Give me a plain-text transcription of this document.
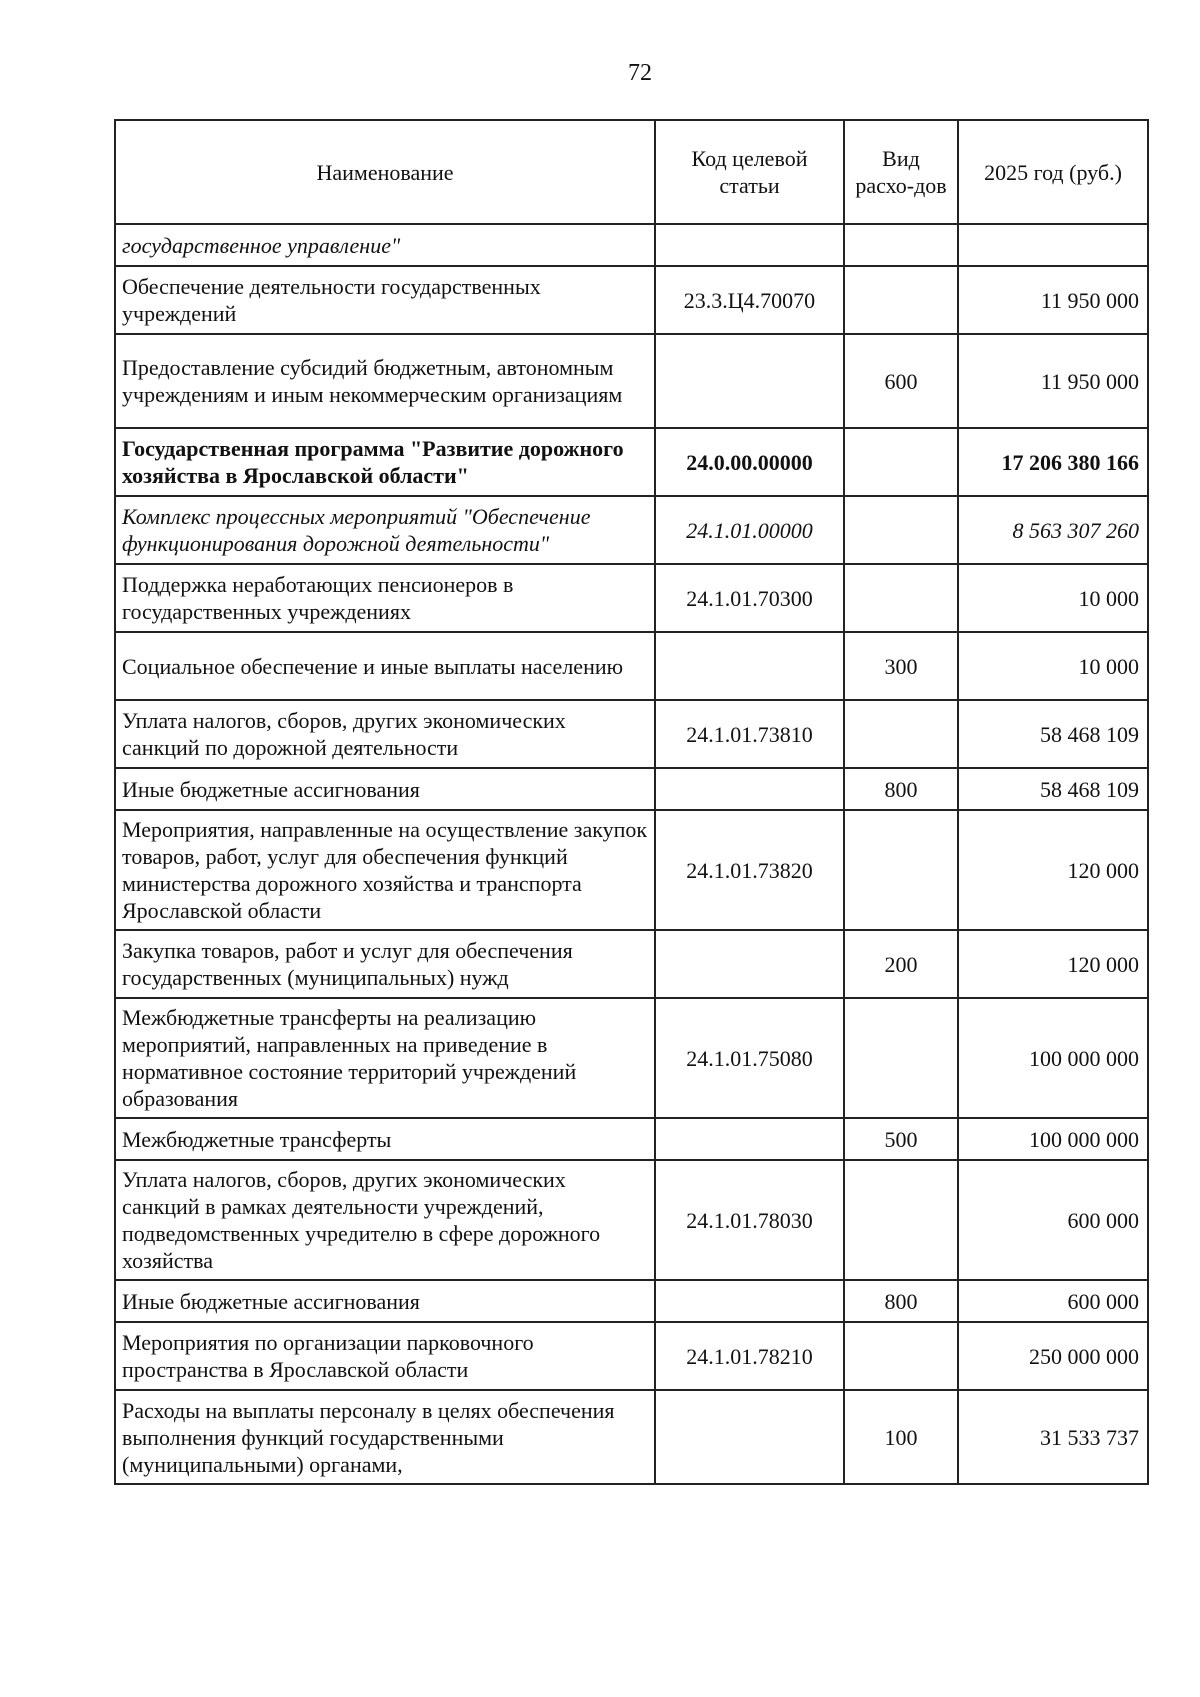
72
Наименование	Код целевой статьи	Вид расхо-дов	2025 год (руб.)
государственное управление"			
Обеспечение деятельности государственных учреждений	23.3.Ц4.70070		11 950 000
Предоставление субсидий бюджетным, автономным учреждениям и иным некоммерческим организациям		600	11 950 000
Государственная программа "Развитие дорожного хозяйства в Ярославской области"	24.0.00.00000		17 206 380 166
Комплекс процессных мероприятий "Обеспечение функционирования дорожной деятельности"	24.1.01.00000		8 563 307 260
Поддержка неработающих пенсионеров в государственных учреждениях	24.1.01.70300		10 000
Социальное обеспечение и иные выплаты населению		300	10 000
Уплата налогов, сборов, других экономических санкций по дорожной деятельности	24.1.01.73810		58 468 109
Иные бюджетные ассигнования		800	58 468 109
Мероприятия, направленные на осуществление закупок товаров, работ, услуг для обеспечения функций министерства дорожного хозяйства и транспорта Ярославской области	24.1.01.73820		120 000
Закупка товаров, работ и услуг для обеспечения государственных (муниципальных) нужд		200	120 000
Межбюджетные трансферты на реализацию мероприятий, направленных на приведение в нормативное состояние территорий учреждений образования	24.1.01.75080		100 000 000
Межбюджетные трансферты		500	100 000 000
Уплата налогов, сборов, других экономических санкций в рамках деятельности учреждений, подведомственных учредителю в сфере дорожного хозяйства	24.1.01.78030		600 000
Иные бюджетные ассигнования		800	600 000
Мероприятия по организации парковочного пространства в Ярославской области	24.1.01.78210		250 000 000
Расходы на выплаты персоналу в целях обеспечения выполнения функций государственными (муниципальными) органами,		100	31 533 737
